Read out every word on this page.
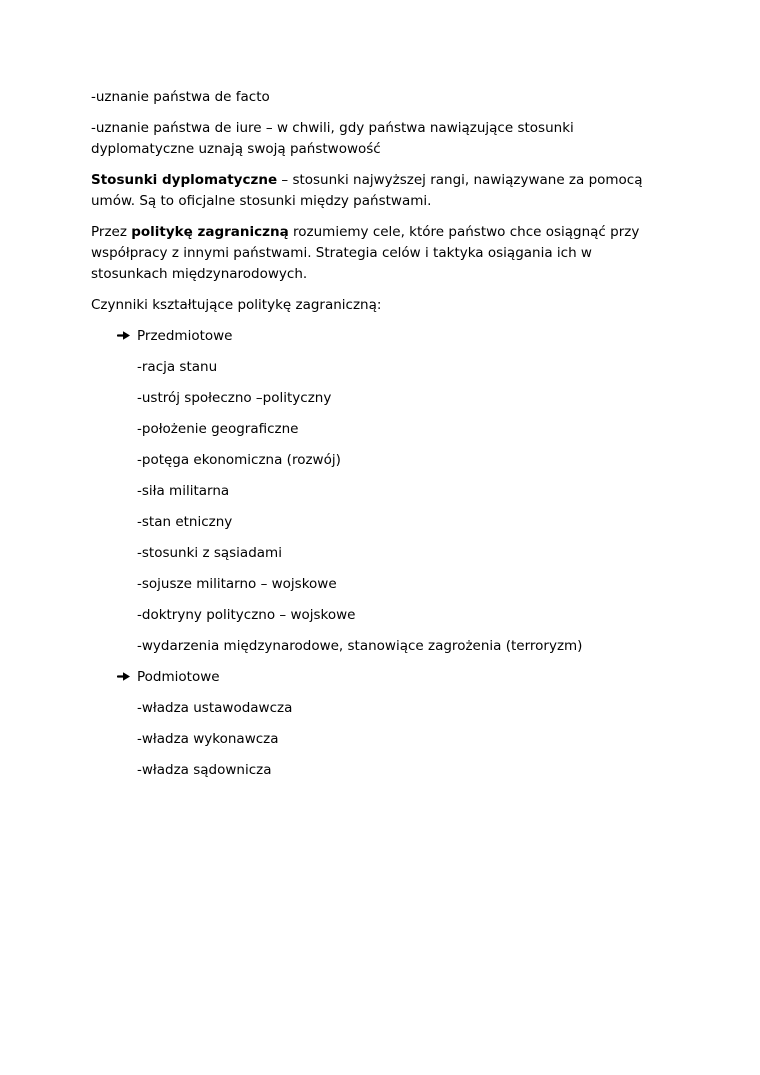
-uznanie państwa de facto

-uznanie państwa de iure – w chwili, gdy państwa nawiązujące stosunki dyplomatyczne uznają swoją państwowość

Stosunki dyplomatyczne – stosunki najwyższej rangi, nawiązywane za pomocą umów. Są to oficjalne stosunki między państwami.

Przez politykę zagraniczną rozumiemy cele, które państwo chce osiągnąć przy współpracy z innymi państwami. Strategia celów i taktyka osiągania ich w stosunkach międzynarodowych.

Czynniki kształtujące politykę zagraniczną:

Przedmiotowe
-racja stanu
-ustrój społeczno –polityczny
-położenie geograficzne
-potęga ekonomiczna (rozwój)
-siła militarna
-stan etniczny
-stosunki z sąsiadami
-sojusze militarno – wojskowe
-doktryny polityczno – wojskowe
-wydarzenia międzynarodowe, stanowiące zagrożenia (terroryzm)
Podmiotowe
-władza ustawodawcza
-władza wykonawcza
-władza sądownicza
